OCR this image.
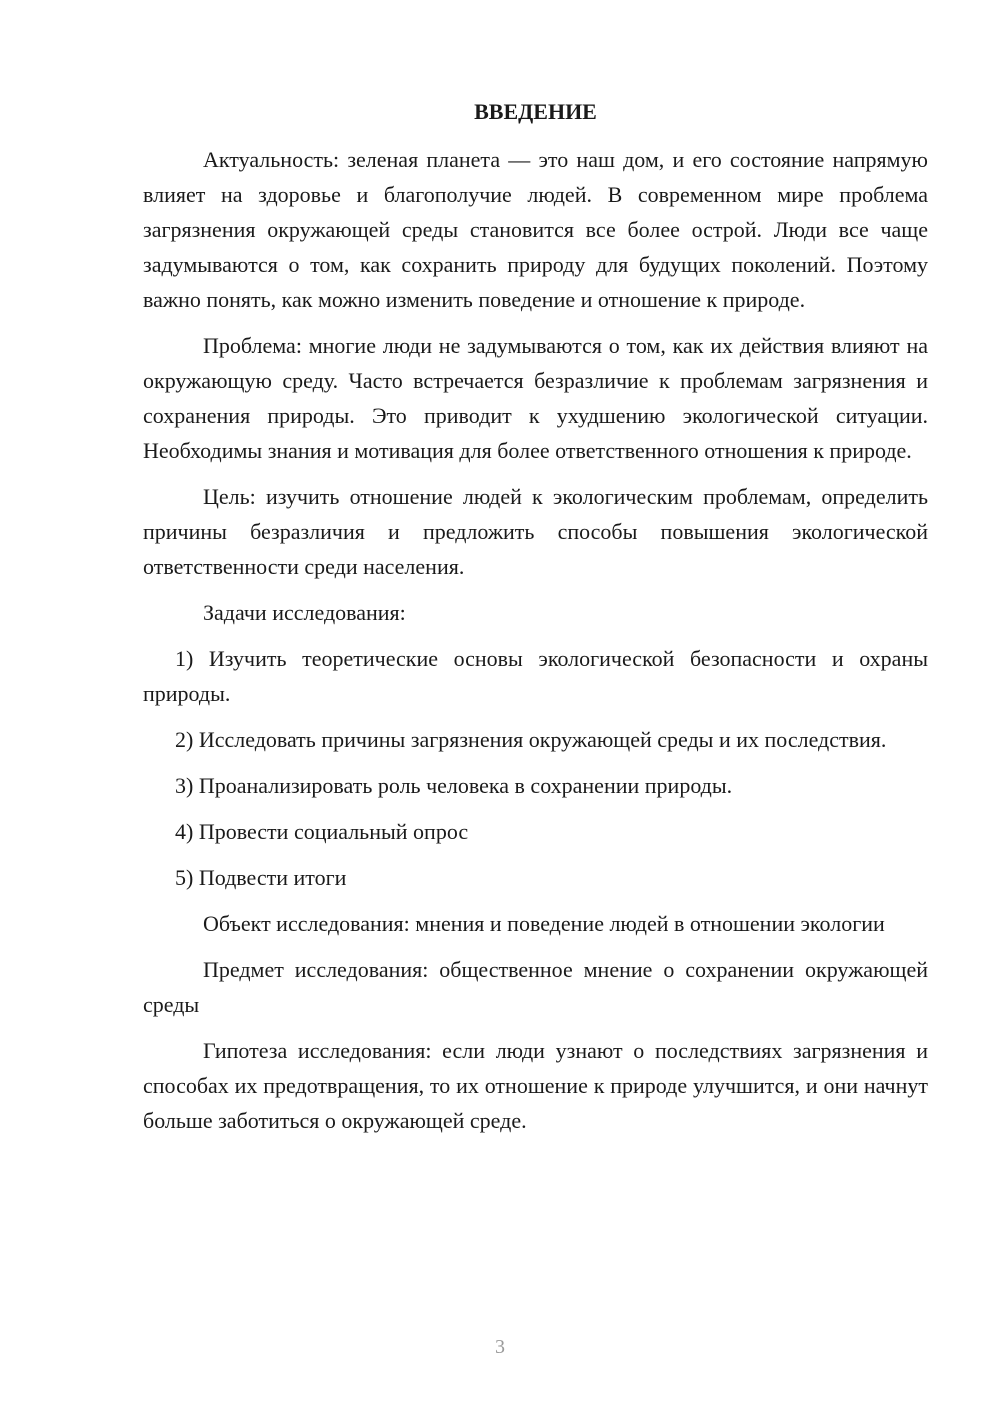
ВВЕДЕНИЕ

Актуальность: зеленая планета — это наш дом, и его состояние напрямую влияет на здоровье и благополучие людей. В современном мире проблема загрязнения окружающей среды становится все более острой. Люди все чаще задумываются о том, как сохранить природу для будущих поколений. Поэтому важно понять, как можно изменить поведение и отношение к природе.

Проблема: многие люди не задумываются о том, как их действия влияют на окружающую среду. Часто встречается безразличие к проблемам загрязнения и сохранения природы. Это приводит к ухудшению экологической ситуации. Необходимы знания и мотивация для более ответственного отношения к природе.

Цель: изучить отношение людей к экологическим проблемам, определить причины безразличия и предложить способы повышения экологической ответственности среди населения.

Задачи исследования:

1) Изучить теоретические основы экологической безопасности и охраны природы.

2) Исследовать причины загрязнения окружающей среды и их последствия.

3) Проанализировать роль человека в сохранении природы.

4) Провести социальный опрос

5) Подвести итоги

Объект исследования: мнения и поведение людей в отношении экологии

Предмет исследования: общественное мнение о сохранении окружающей среды

Гипотеза исследования: если люди узнают о последствиях загрязнения и способах их предотвращения, то их отношение к природе улучшится, и они начнут больше заботиться о окружающей среде.

3
